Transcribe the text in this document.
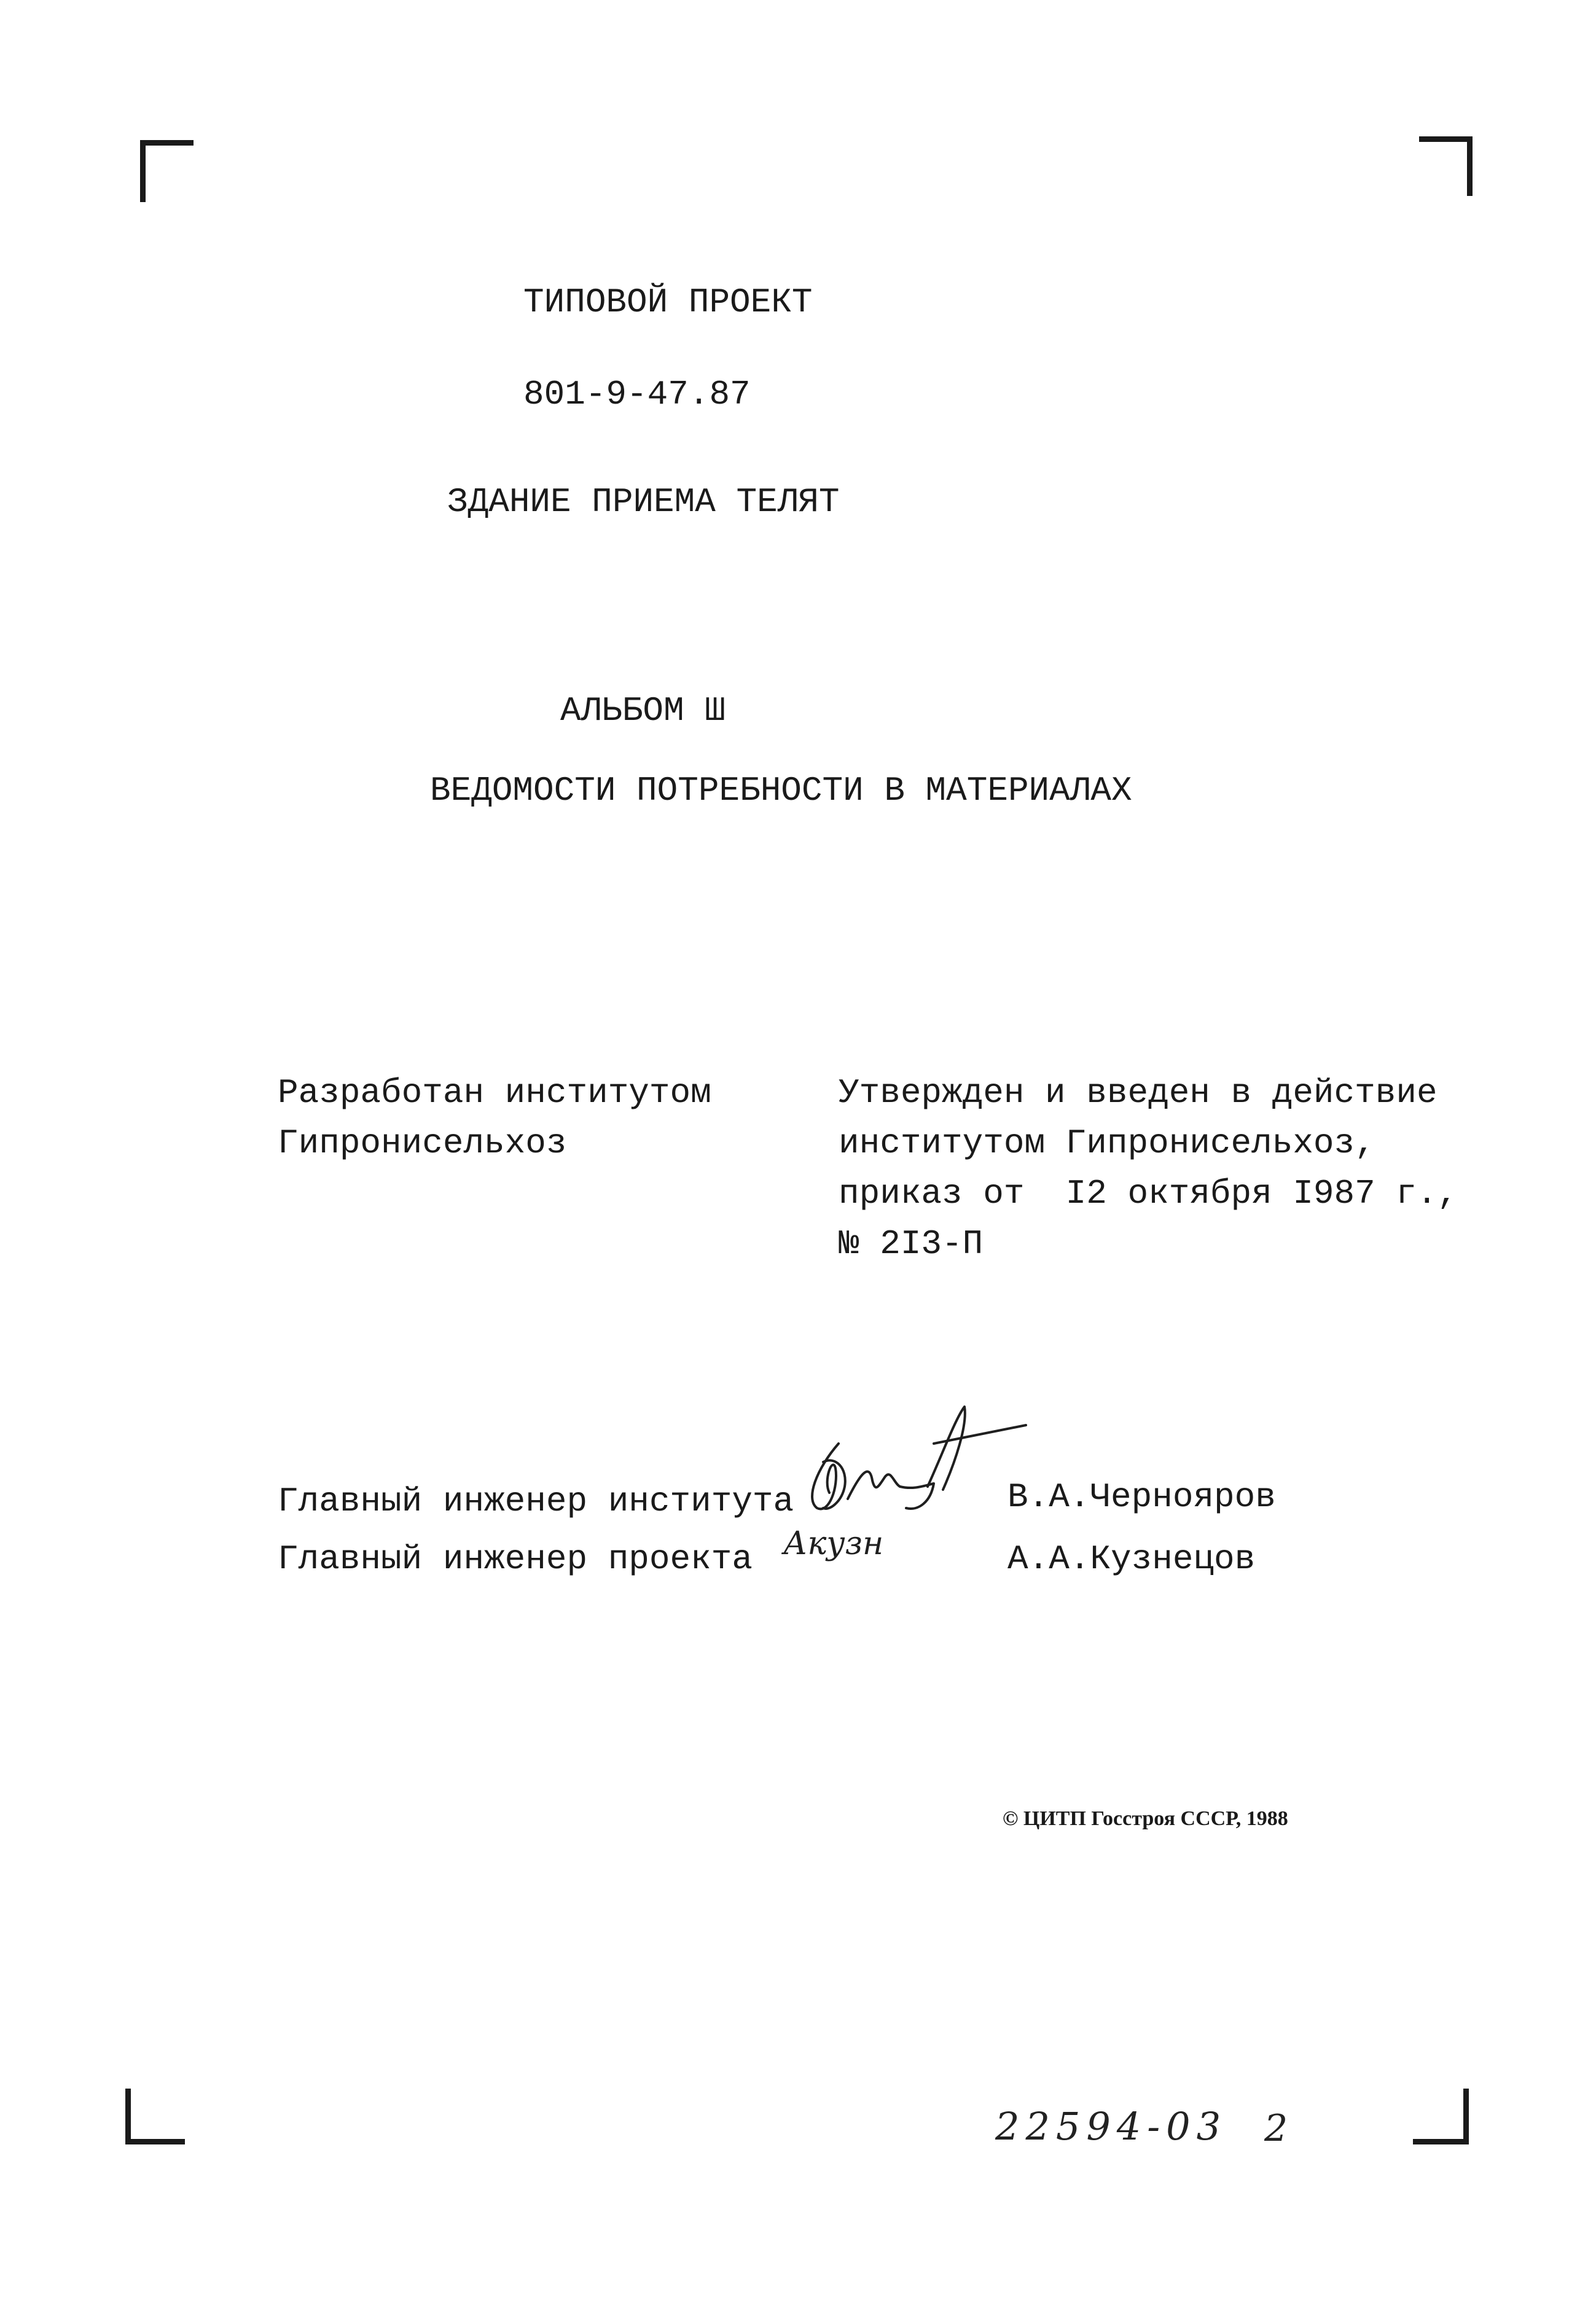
ТИПОВОЙ ПРОЕКТ
801-9-47.87
ЗДАНИЕ ПРИЕМА ТЕЛЯТ
АЛЬБОМ Ш
ВЕДОМОСТИ ПОТРЕБНОСТИ В МАТЕРИАЛАХ
Разработан институтом
Гипронисельхоз
Утвержден и введен в действие
институтом Гипронисельхоз,
приказ от  I2 октября I987 г.,
№ 2I3-П
Главный инженер института
Главный инженер проекта
В.А.Чернояров
А.А.Кузнецов
Акузн
© ЦИТП Госстроя СССР, 1988
22594-03 2
